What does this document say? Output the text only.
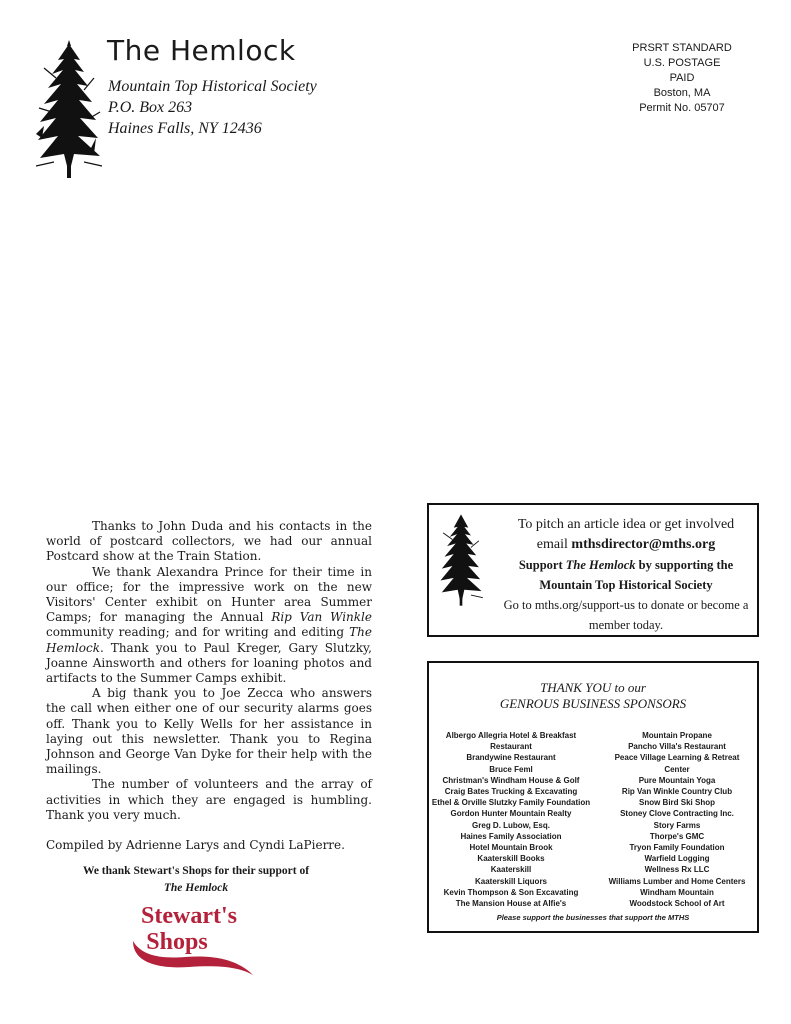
The Hemlock
Mountain Top Historical Society
P.O. Box 263
Haines Falls, NY 12436
PRSRT STANDARD
U.S. POSTAGE
PAID
Boston, MA
Permit No. 05707

Thanks to John Duda and his contacts in the world of postcard collectors, we had our annual Postcard show at the Train Station.

We thank Alexandra Prince for their time in our office; for the impressive work on the new Visitors' Center exhibit on Hunter area Summer Camps; for managing the Annual Rip Van Winkle community reading; and for writing and editing The Hemlock. Thank you to Paul Kreger, Gary Slutzky, Joanne Ainsworth and others for loaning photos and artifacts to the Summer Camps exhibit.

A big thank you to Joe Zecca who answers the call when either one of our security alarms goes off. Thank you to Kelly Wells for her assistance in laying out this newsletter. Thank you to Regina Johnson and George Van Dyke for their help with the mailings.

The number of volunteers and the array of activities in which they are engaged is humbling. Thank you very much.

Compiled by Adrienne Larys and Cyndi LaPierre.

We thank Stewart's Shops for their support of
The Hemlock
Stewart's
Shops
To pitch an article idea or get involved
email mthsdirector@mths.org
Support The Hemlock by supporting the
Mountain Top Historical Society
Go to mths.org/support-us to donate or become a
member today.
THANK YOU to our
GENROUS BUSINESS SPONSORS
Albergo Allegria Hotel & Breakfast
Restaurant
Brandywine Restaurant
Bruce Feml
Christman's Windham House & Golf
Craig Bates Trucking & Excavating
Ethel & Orville Slutzky Family Foundation
Gordon Hunter Mountain Realty
Greg D. Lubow, Esq.
Haines Family Association
Hotel Mountain Brook
Kaaterskill Books
Kaaterskill
Kaaterskill Liquors
Kevin Thompson & Son Excavating
The Mansion House at Alfie's
Mountain Propane
Pancho Villa's Restaurant
Peace Village Learning & Retreat
Center
Pure Mountain Yoga
Rip Van Winkle Country Club
Snow Bird Ski Shop
Stoney Clove Contracting Inc.
Story Farms
Thorpe's GMC
Tryon Family Foundation
Warfield Logging
Wellness Rx LLC
Williams Lumber and Home Centers
Windham Mountain
Woodstock School of Art
Please support the businesses that support the MTHS
